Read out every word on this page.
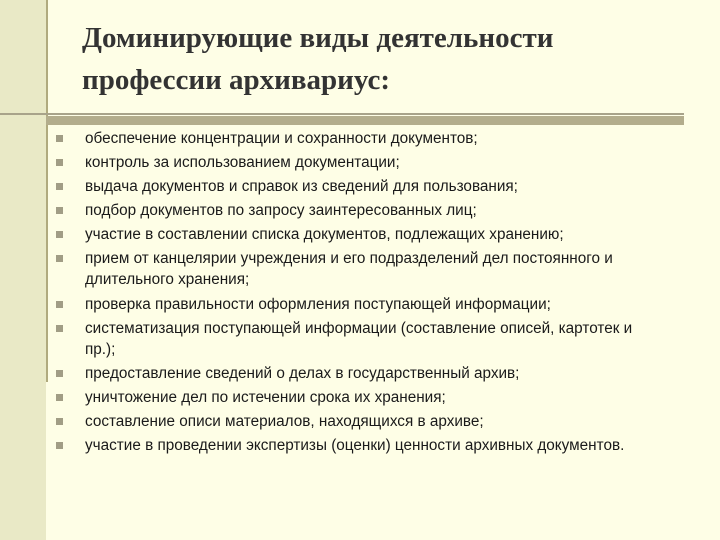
Доминирующие виды деятельности
профессии архивариус:
обеспечение концентрации и сохранности документов;
контроль за использованием документации;
выдача документов и справок из сведений для пользования;
подбор документов по запросу заинтересованных лиц;
участие в составлении списка документов, подлежащих хранению;
прием от канцелярии учреждения и его подразделений дел постоянного и длительного хранения;
проверка правильности оформления поступающей информации;
систематизация поступающей информации (составление описей, картотек и пр.);
предоставление сведений о делах в государственный архив;
уничтожение дел по истечении срока их хранения;
составление описи материалов, находящихся в архиве;
участие в проведении экспертизы (оценки) ценности архивных документов.
